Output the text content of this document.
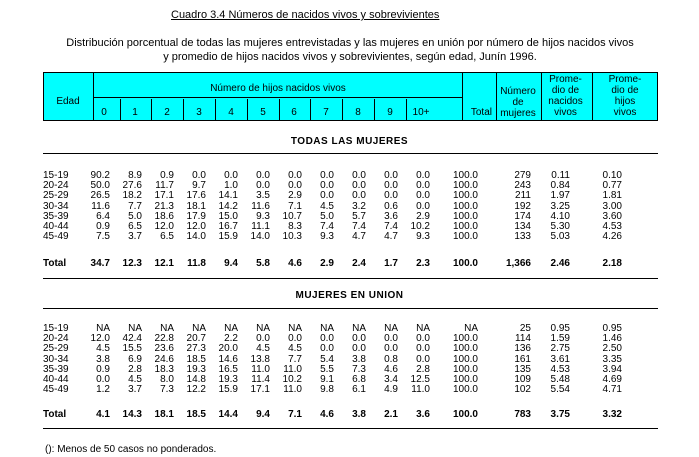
Cuadro 3.4 Números de nacidos vivos y sobrevivientes
Distribución porcentual de todas las mujeres entrevistadas y las mujeres en unión por número de hijos nacidos vivos
y promedio de hijos nacidos vivos y sobrevivientes, según edad, Junín 1996.
Edad
Número de hijos nacidos vivos
0	1	2	3	4	5	6	7	8	9	10+	Total
Número
de
mujeres
Prome-
dio de
nacidos
vivos
Prome-
dio de
hijos
vivos
TODAS LAS MUJERES
15-19 90.2 8.9 0.9 0.0 0.0 0.0 0.0 0.0 0.0 0.0 0.0 100.0	279 0.11	0.10
20-24 50.0 27.6 11.7 9.7 1.0 0.0 0.0 0.0 0.0 0.0 0.0 100.0	243 0.84	0.77
25-29 26.5 18.2 17.1 17.6 14.1 3.5 2.9 0.0 0.0 0.0 0.0 100.0	211 1.97	1.81
30-34 11.6 7.7 21.3 18.1 14.2 11.6 7.1 4.5 3.2 0.6 0.0 100.0	192 3.25	3.00
35-39	6.4 5.0 18.6 17.9 15.0 9.3 10.7 5.0 5.7 3.6 2.9 100.0	174 4.10	3.60
40-44	0.9 6.5 12.0 12.0 16.7 11.1 8.3 7.4 7.4 7.4 10.2 100.0	134 5.30	4.53
45-49	7.5 3.7 6.5 14.0 15.9 14.0 10.3 9.3 4.7 4.7 9.3 100.0	133 5.03	4.26
Total 34.7 12.3 12.1 11.8 9.4 5.8 4.6 2.9 2.4 1.7 2.3 100.0	1,366 2.46	2.18
MUJERES EN UNION
15-19	NA NA NA NA NA NA NA NA NA NA NA	NA	25 0.95	0.95
20-24 12.0 42.4 22.8 20.7 2.2 0.0 0.0 0.0 0.0 0.0 0.0 100.0	114 1.59	1.46
25-29	4.5 15.5 23.6 27.3 20.0 4.5 4.5 0.0 0.0 0.0 0.0 100.0	136 2.75	2.50
30-34	3.8 6.9 24.6 18.5 14.6 13.8 7.7 5.4 3.8 0.8 0.0 100.0	161 3.61	3.35
35-39	0.9 2.8 18.3 19.3 16.5 11.0 11.0 5.5 7.3 4.6 2.8 100.0	135 4.53	3.94
40-44	0.0 4.5 8.0 14.8 19.3 11.4 10.2 9.1 6.8 3.4 12.5 100.0	109 5.48	4.69
45-49	1.2 3.7 7.3 12.2 15.9 17.1 11.0 9.8 6.1 4.9 11.0 100.0	102 5.54	4.71
Total	4.1 14.3 18.1 18.5 14.4 9.4 7.1 4.6 3.8 2.1 3.6 100.0	783 3.75	3.32
(): Menos de 50 casos no ponderados.
